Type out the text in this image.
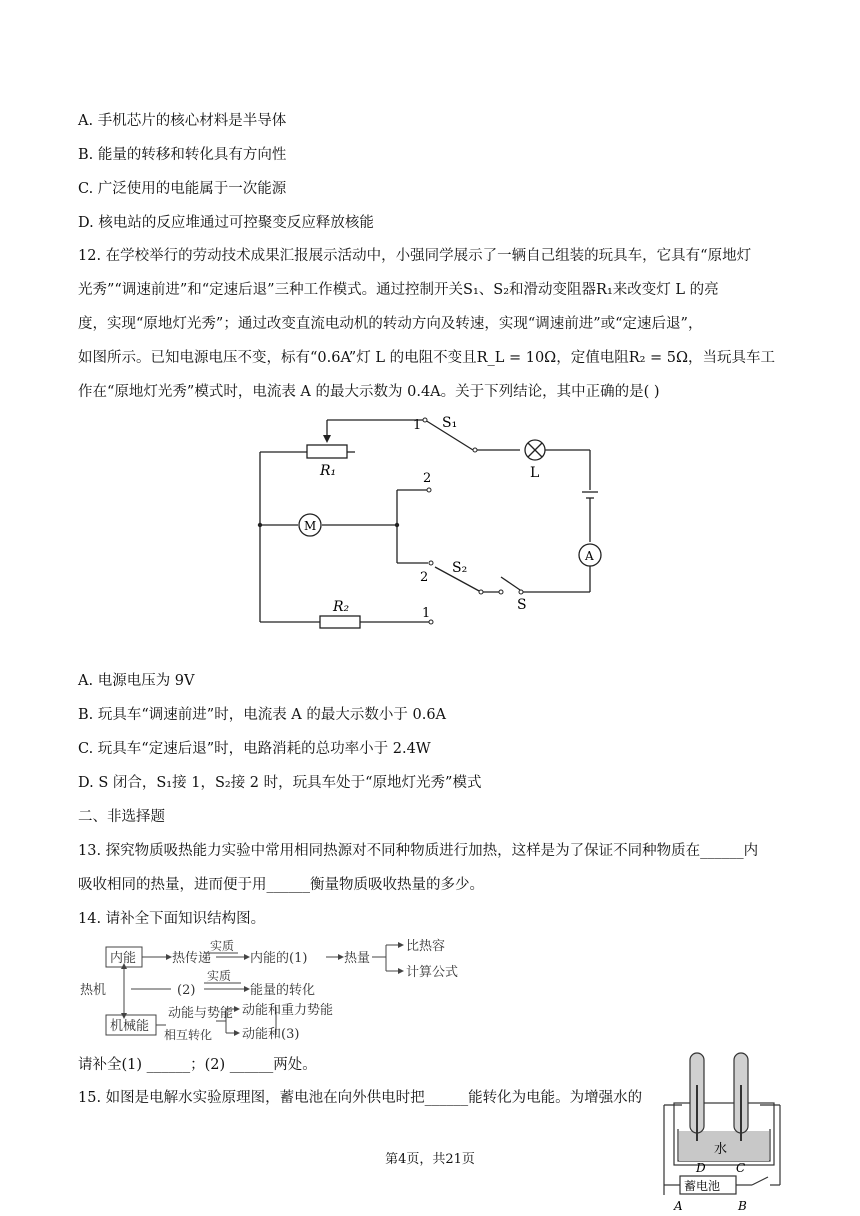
A. 手机芯片的核心材料是半导体
B. 能量的转移和转化具有方向性
C. 广泛使用的电能属于一次能源
D. 核电站的反应堆通过可控聚变反应释放核能
12. 在学校举行的劳动技术成果汇报展示活动中，小强同学展示了一辆自己组装的玩具车，它具有“原地灯
光秀”“调速前进”和“定速后退”三种工作模式。通过控制开关S₁、S₂和滑动变阻器R₁来改变灯 L 的亮
度，实现“原地灯光秀”；通过改变直流电动机的转动方向及转速，实现“调速前进”或“定速后退”，
如图所示。已知电源电压不变，标有“0.6A”灯 L 的电阻不变且R_L = 10Ω，定值电阻R₂ = 5Ω，当玩具车工
作在“原地灯光秀”模式时，电流表 A 的最大示数为 0.4A。关于下列结论，其中正确的是( )
R₁
1 S₁
L
2
M
A
2
S₂
S
R₂	1
A. 电源电压为 9V
B. 玩具车“调速前进”时，电流表 A 的最大示数小于 0.6A
C. 玩具车“定速后退”时，电路消耗的总功率小于 2.4W
D. S 闭合，S₁接 1，S₂接 2 时，玩具车处于“原地灯光秀”模式
二、非选择题
13. 探究物质吸热能力实验中常用相同热源对不同种物质进行加热，这样是为了保证不同种物质在______内
吸收相同的热量，进而便于用______衡量物质吸收热量的多少。
14. 请补全下面知识结构图。
内能	热传递
实质
内能的(1)	热量
比热容
计算公式
热机	(2)
实质
能量的转化
机械能
动能与势能 动能和重力势能
相互转化 动能和(3)
请补全(1) ______；(2) ______两处。
15. 如图是电解水实验原理图，蓄电池在向外供电时把______能转化为电能。为增强水的
水
D	C
蓄电池
A	B
第4页，共21页
